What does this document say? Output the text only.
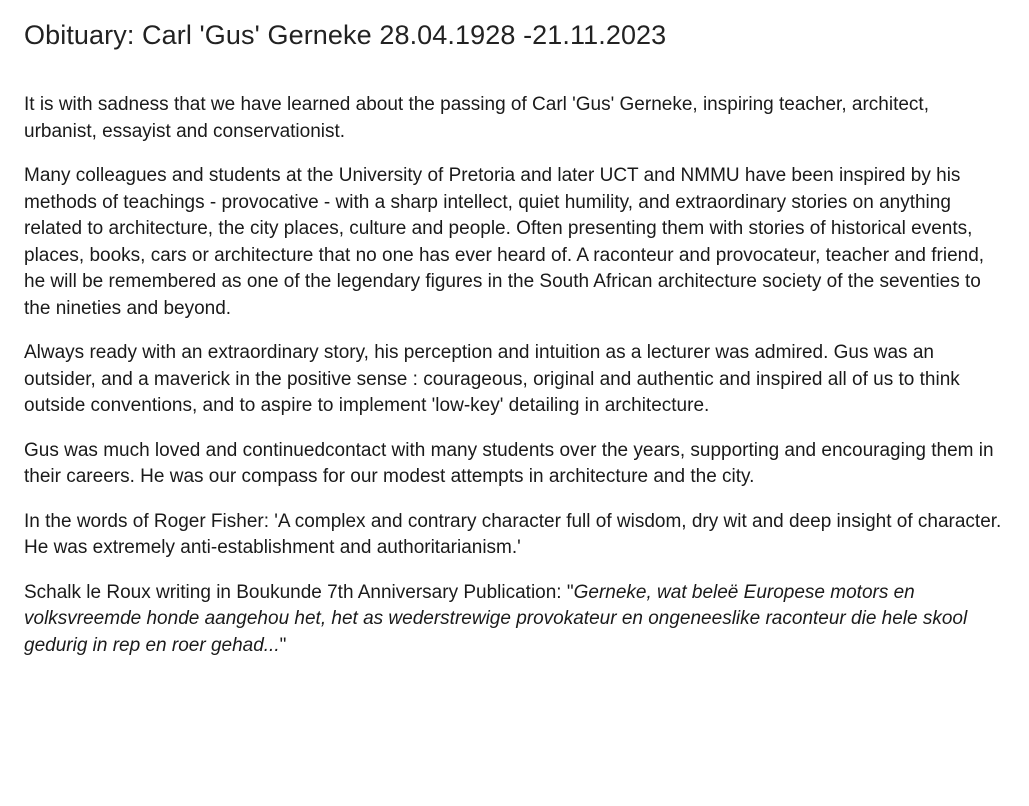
Obituary: Carl 'Gus' Gerneke 28.04.1928 -21.11.2023

It is with sadness that we have learned about the passing of Carl 'Gus' Gerneke, inspiring teacher, architect, urbanist, essayist and conservationist.

Many colleagues and students at the University of Pretoria and later UCT and NMMU have been inspired by his methods of teachings - provocative - with a sharp intellect, quiet humility, and extraordinary stories on anything related to architecture, the city places, culture and people. Often presenting them with stories of historical events, places, books, cars or architecture that no one has ever heard of. A raconteur and provocateur, teacher and friend, he will be remembered as one of the legendary figures in the South African architecture society of the seventies to the nineties and beyond.

Always ready with an extraordinary story, his perception and intuition as a lecturer was admired. Gus was an outsider, and a maverick in the positive sense : courageous, original and authentic and inspired all of us to think outside conventions, and to aspire to implement 'low-key' detailing in architecture.

Gus was much loved and continuedcontact with many students over the years, supporting and encouraging them in their careers. He was our compass for our modest attempts in architecture and the city.

In the words of Roger Fisher: 'A complex and contrary character full of wisdom, dry wit and deep insight of character. He was extremely anti-establishment and authoritarianism.'

Schalk le Roux writing in Boukunde 7th Anniversary Publication: "Gerneke, wat beleë Europese motors en volksvreemde honde aangehou het, het as wederstrewige provokateur en ongeneeslike raconteur die hele skool gedurig in rep en roer gehad..."
